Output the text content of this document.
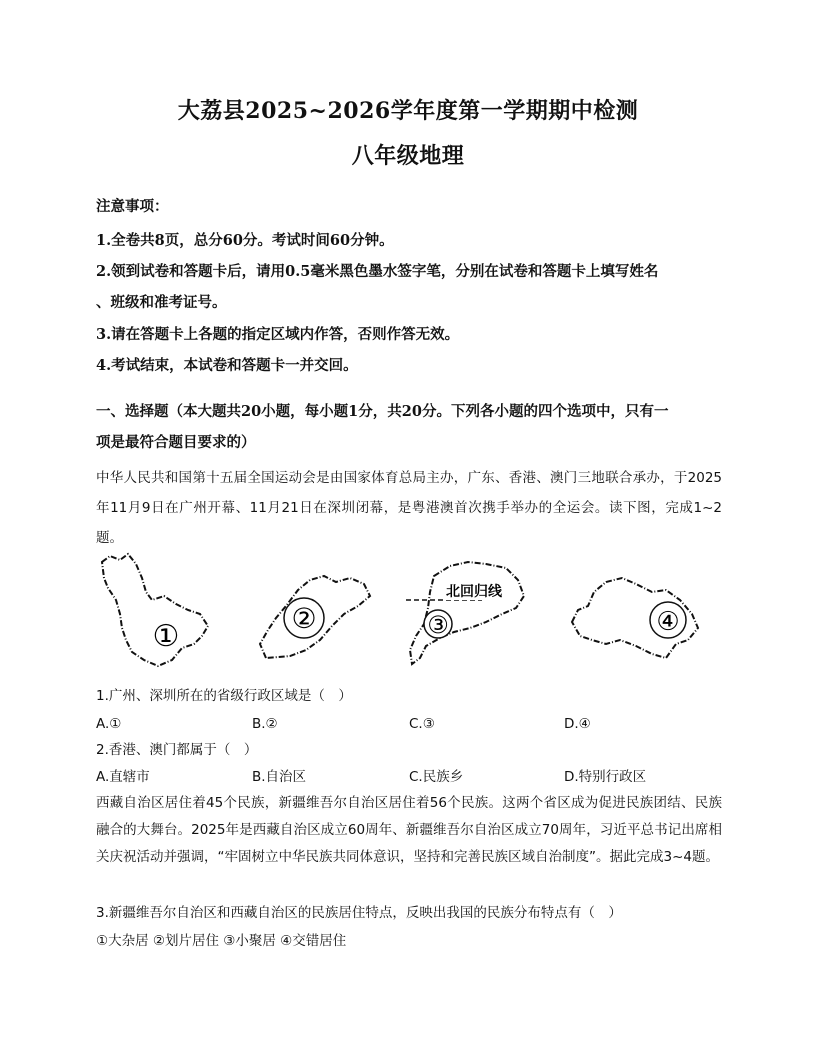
大荔县2025~2026学年度第一学期期中检测
八年级地理
注意事项：
1.全卷共8页，总分60分。考试时间60分钟。
2.领到试卷和答题卡后，请用0.5毫米黑色墨水签字笔，分别在试卷和答题卡上填写姓名
、班级和准考证号。
3.请在答题卡上各题的指定区域内作答，否则作答无效。
4.考试结束，本试卷和答题卡一并交回。
一、选择题（本大题共20小题，每小题1分，共20分。下列各小题的四个选项中，只有一
项是最符合题目要求的）
中华人民共和国第十五届全国运动会是由国家体育总局主办，广东、香港、澳门三地联合承办，于2025年11月9日在广州开幕、11月21日在深圳闭幕，是粤港澳首次携手举办的全运会。读下图，完成1~2题。
①
②
北回归线
③	④
1.广州、深圳所在的省级行政区域是（　）
A.①	B.②	C.③	D.④
2.香港、澳门都属于（　）
A.直辖市	B.自治区	C.民族乡	D.特别行政区
西藏自治区居住着45个民族，新疆维吾尔自治区居住着56个民族。这两个省区成为促进民族团结、民族融合的大舞台。2025年是西藏自治区成立60周年、新疆维吾尔自治区成立70周年，习近平总书记出席相关庆祝活动并强调，“牢固树立中华民族共同体意识，坚持和完善民族区域自治制度”。据此完成3~4题。
3.新疆维吾尔自治区和西藏自治区的民族居住特点，反映出我国的民族分布特点有（　）
①大杂居 ②划片居住 ③小聚居 ④交错居住
